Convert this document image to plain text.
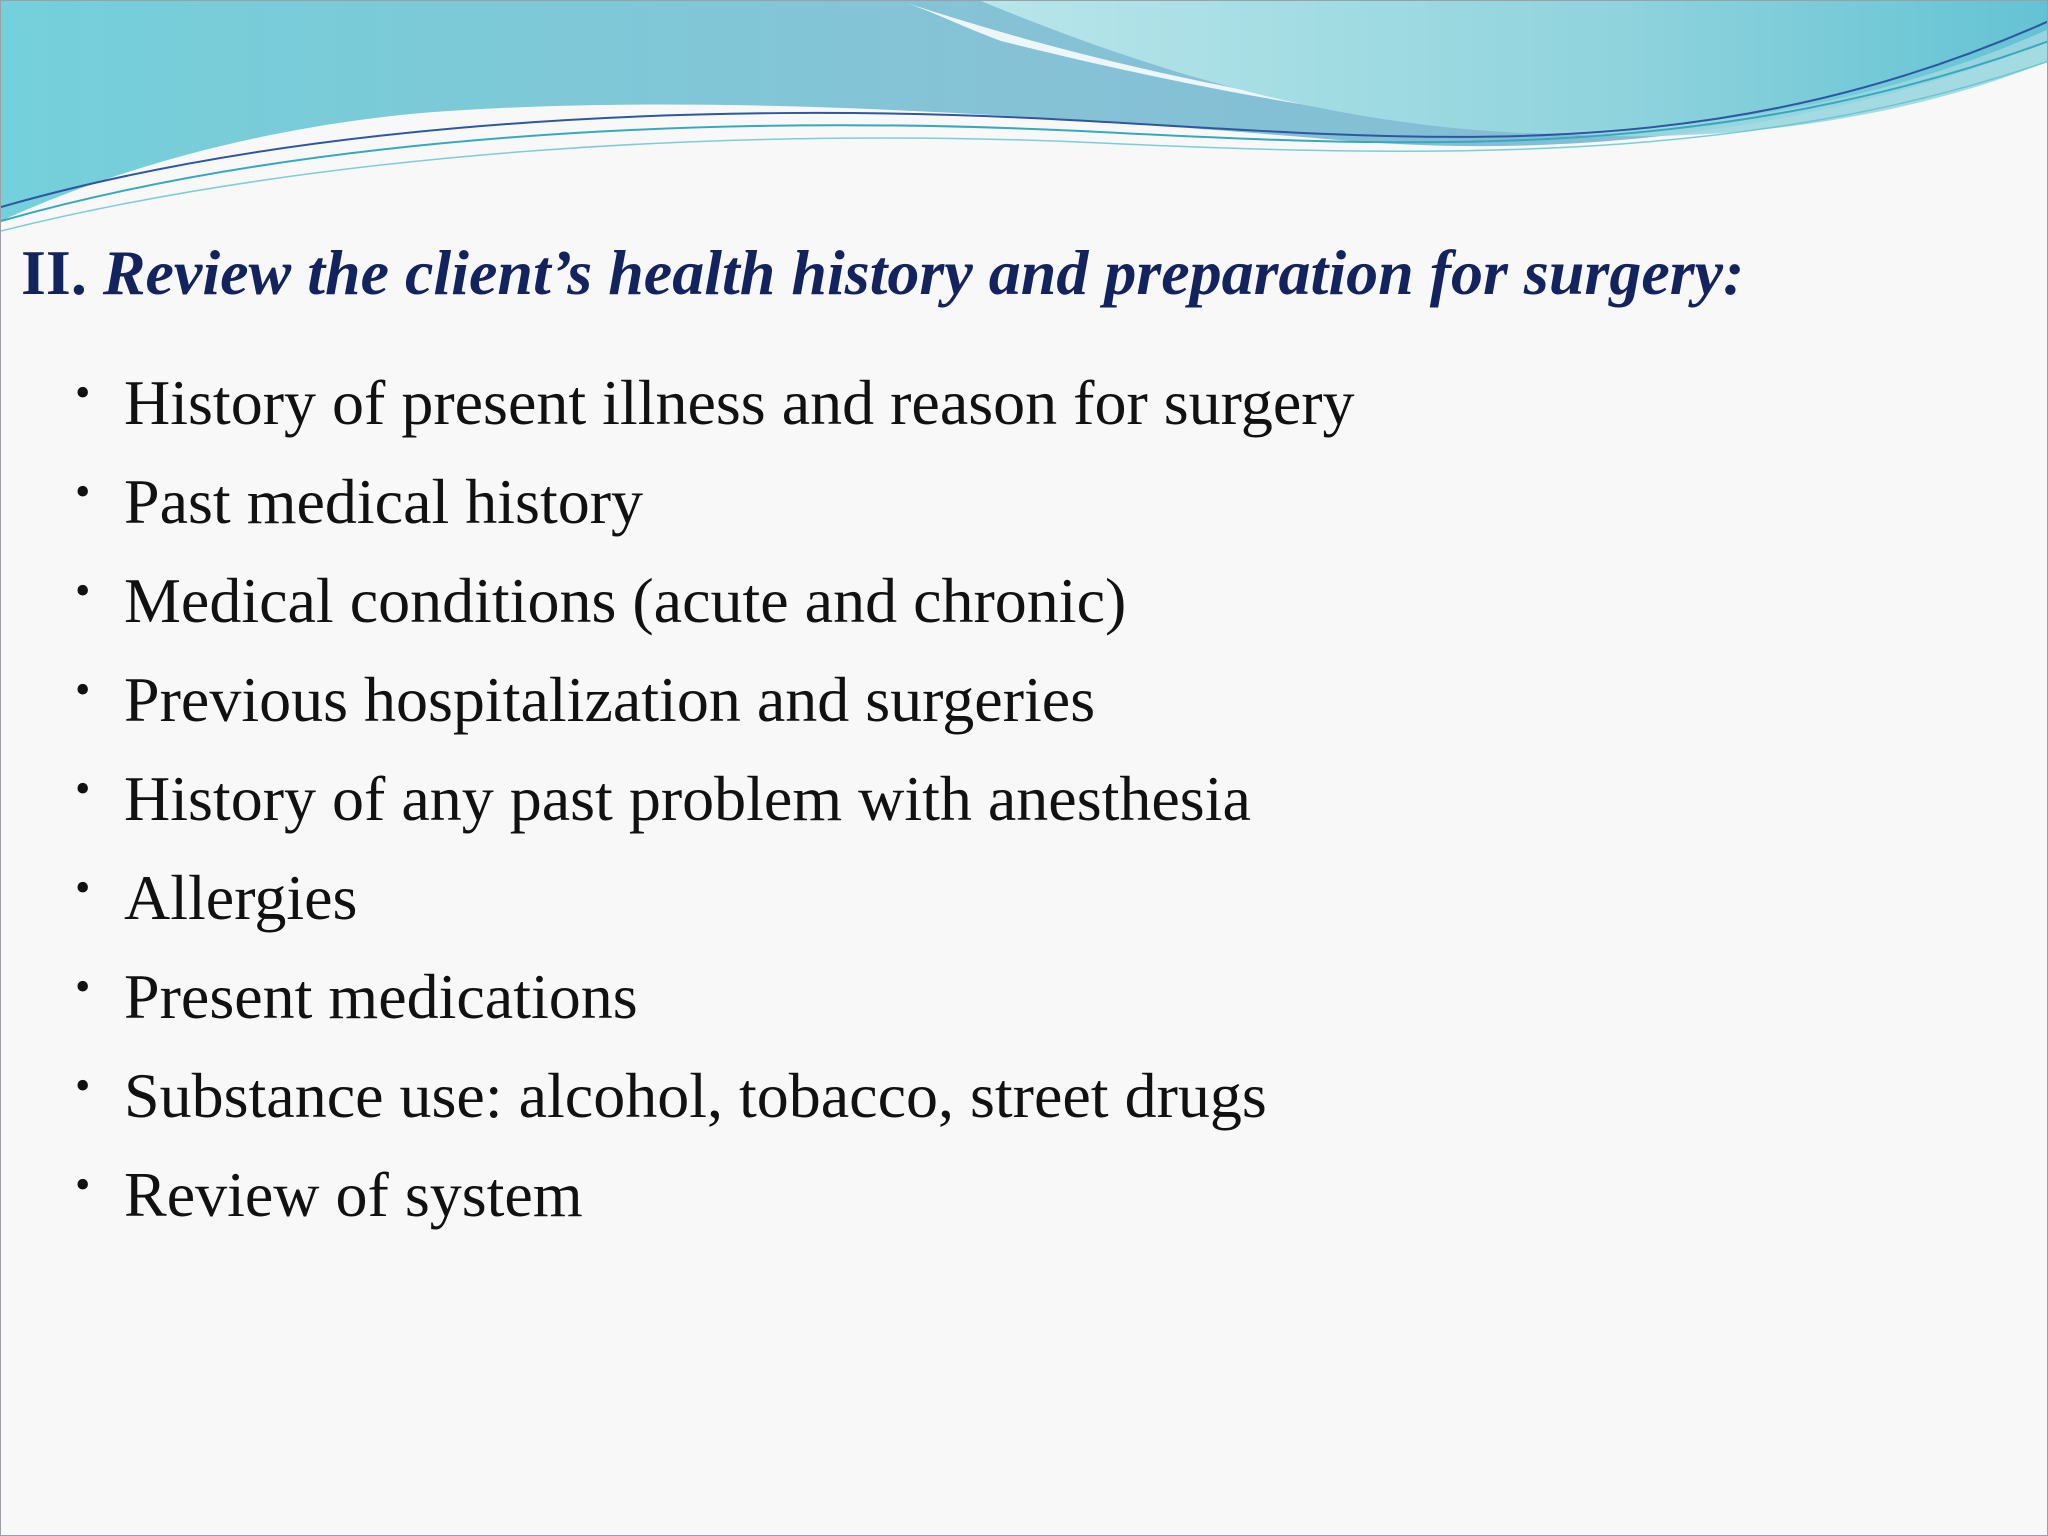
II. Review the client’s health history and preparation for surgery:
• History of present illness and reason for surgery
• Past medical history
• Medical conditions (acute and chronic)
• Previous hospitalization and surgeries
• History of any past problem with anesthesia
• Allergies
• Present medications
• Substance use: alcohol, tobacco, street drugs
• Review of system
